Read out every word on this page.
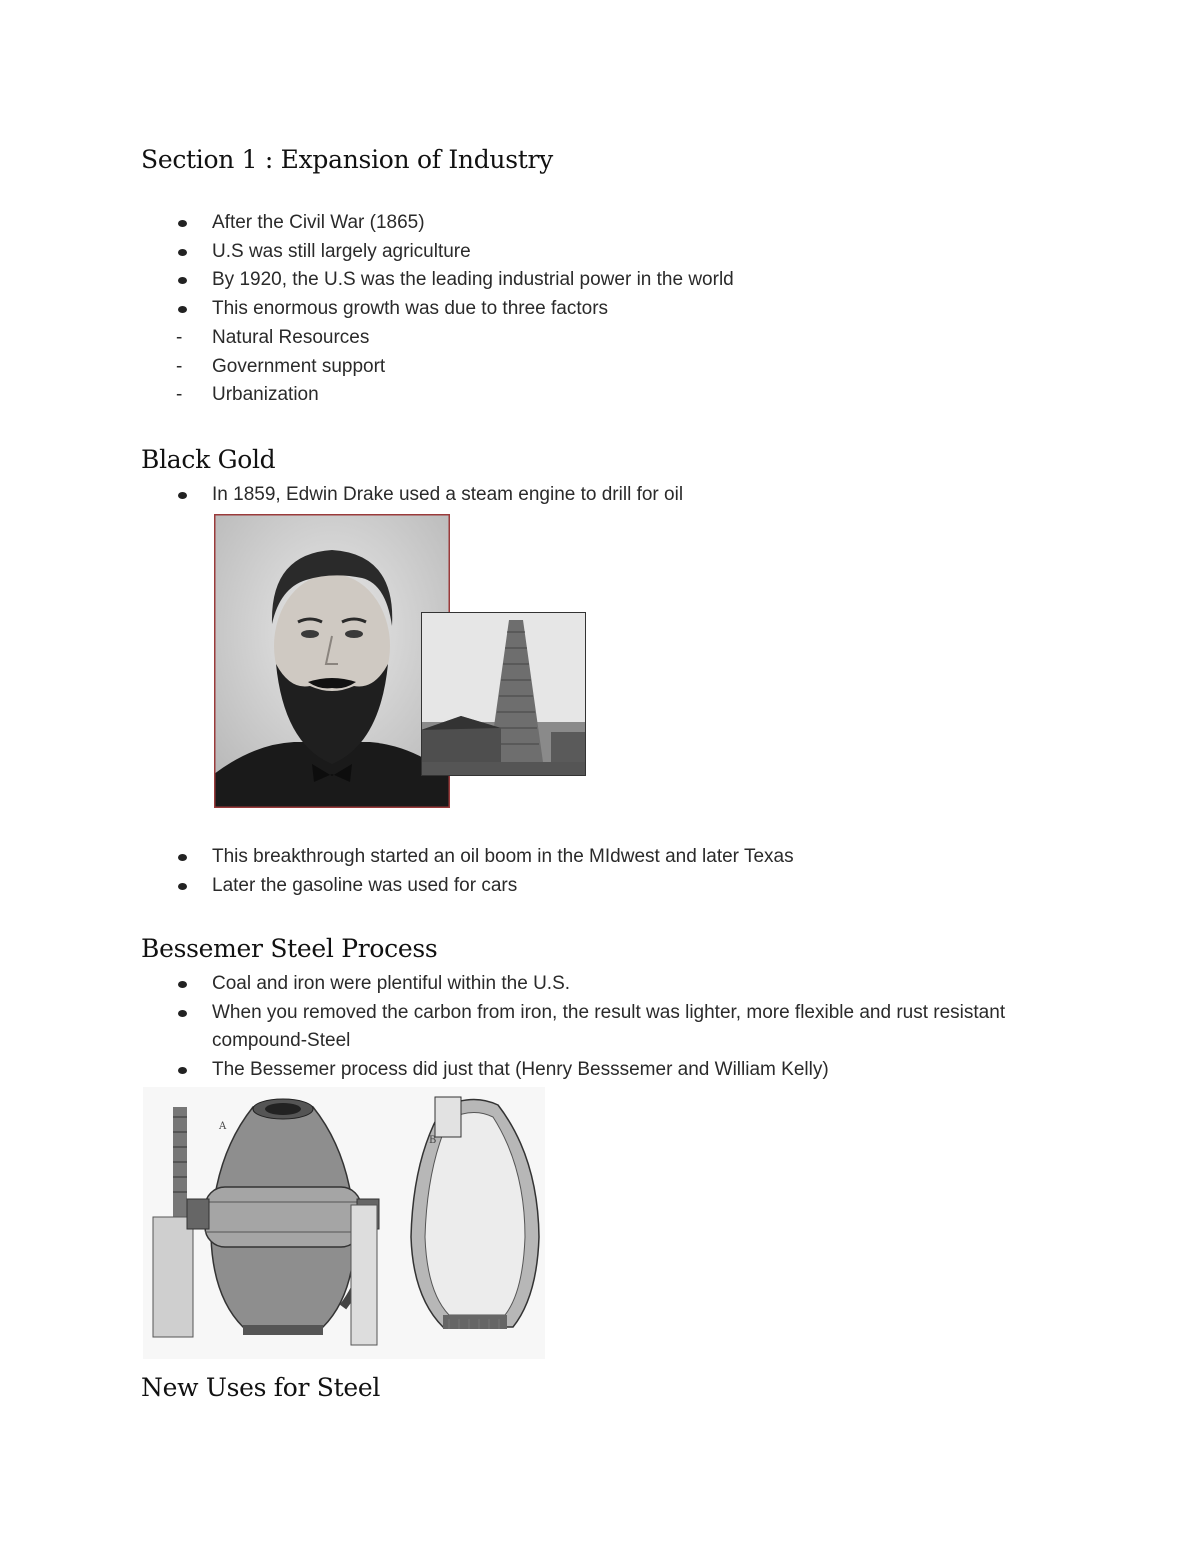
Section 1 : Expansion of Industry
After the Civil War (1865)
U.S was still largely agriculture
By 1920, the U.S was the leading industrial power in the world
This enormous growth was due to three factors
- Natural Resources
- Government support
- Urbanization
Black Gold
In 1859, Edwin Drake used a steam engine to drill for oil
This breakthrough started an oil boom in the MIdwest and later Texas
Later the gasoline was used for cars
Bessemer Steel Process
Coal and iron were plentiful within the U.S.
When you removed the carbon from iron, the result was lighter, more flexible and rust resistant compound-Steel
The Bessemer process did just that (Henry Besssemer and William Kelly)
A
B
New Uses for Steel
